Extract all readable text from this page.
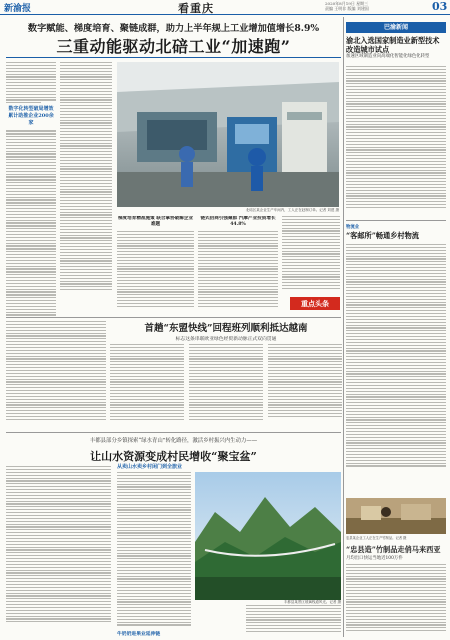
新渝报	看重庆	2020年8月19日 星期三
责编 王明非 版编 刘建国	03
数字赋能、梯度培育、聚链成群，助力上半年规上工业增加值增长8.9%
三重动能驱动北碚工业“加速跑”
数字化转型破局增效 累计助推企业200余家
北碚区某企业生产车间内，工人正在赶制订单。记者 刘建 摄
梯度培育精准施策 联合拿协破解企业难题
链式招商引强聚群 汽摩产业投资增长44.8%
重点头条
巴渝新闻
渝北入选国家制造业新型技术改造城市试点
加速区域制造业向高端化智能化绿色化转型
物流业
“客邮所”畅通乡村物流
首趟“东盟快线”回程班列顺利抵达越南
标志这条串联欧亚绿色经贸新动脉正式双向贯通
丰都县部分乡镇探索“绿水青山”转化路径，激活乡村振兴内生动力——
让山水资源变成村民增收“聚宝盆”
从卖山水卖乡村闲门到全旅业
丰都县某景区玻璃栈道风光。记者 摄
牛奶奶进果业延伸链
忠县某企业工人正在生产竹制品。记者 摄
“忠县造”竹制品走俏马来西亚
月均出口快运当地近100万件
